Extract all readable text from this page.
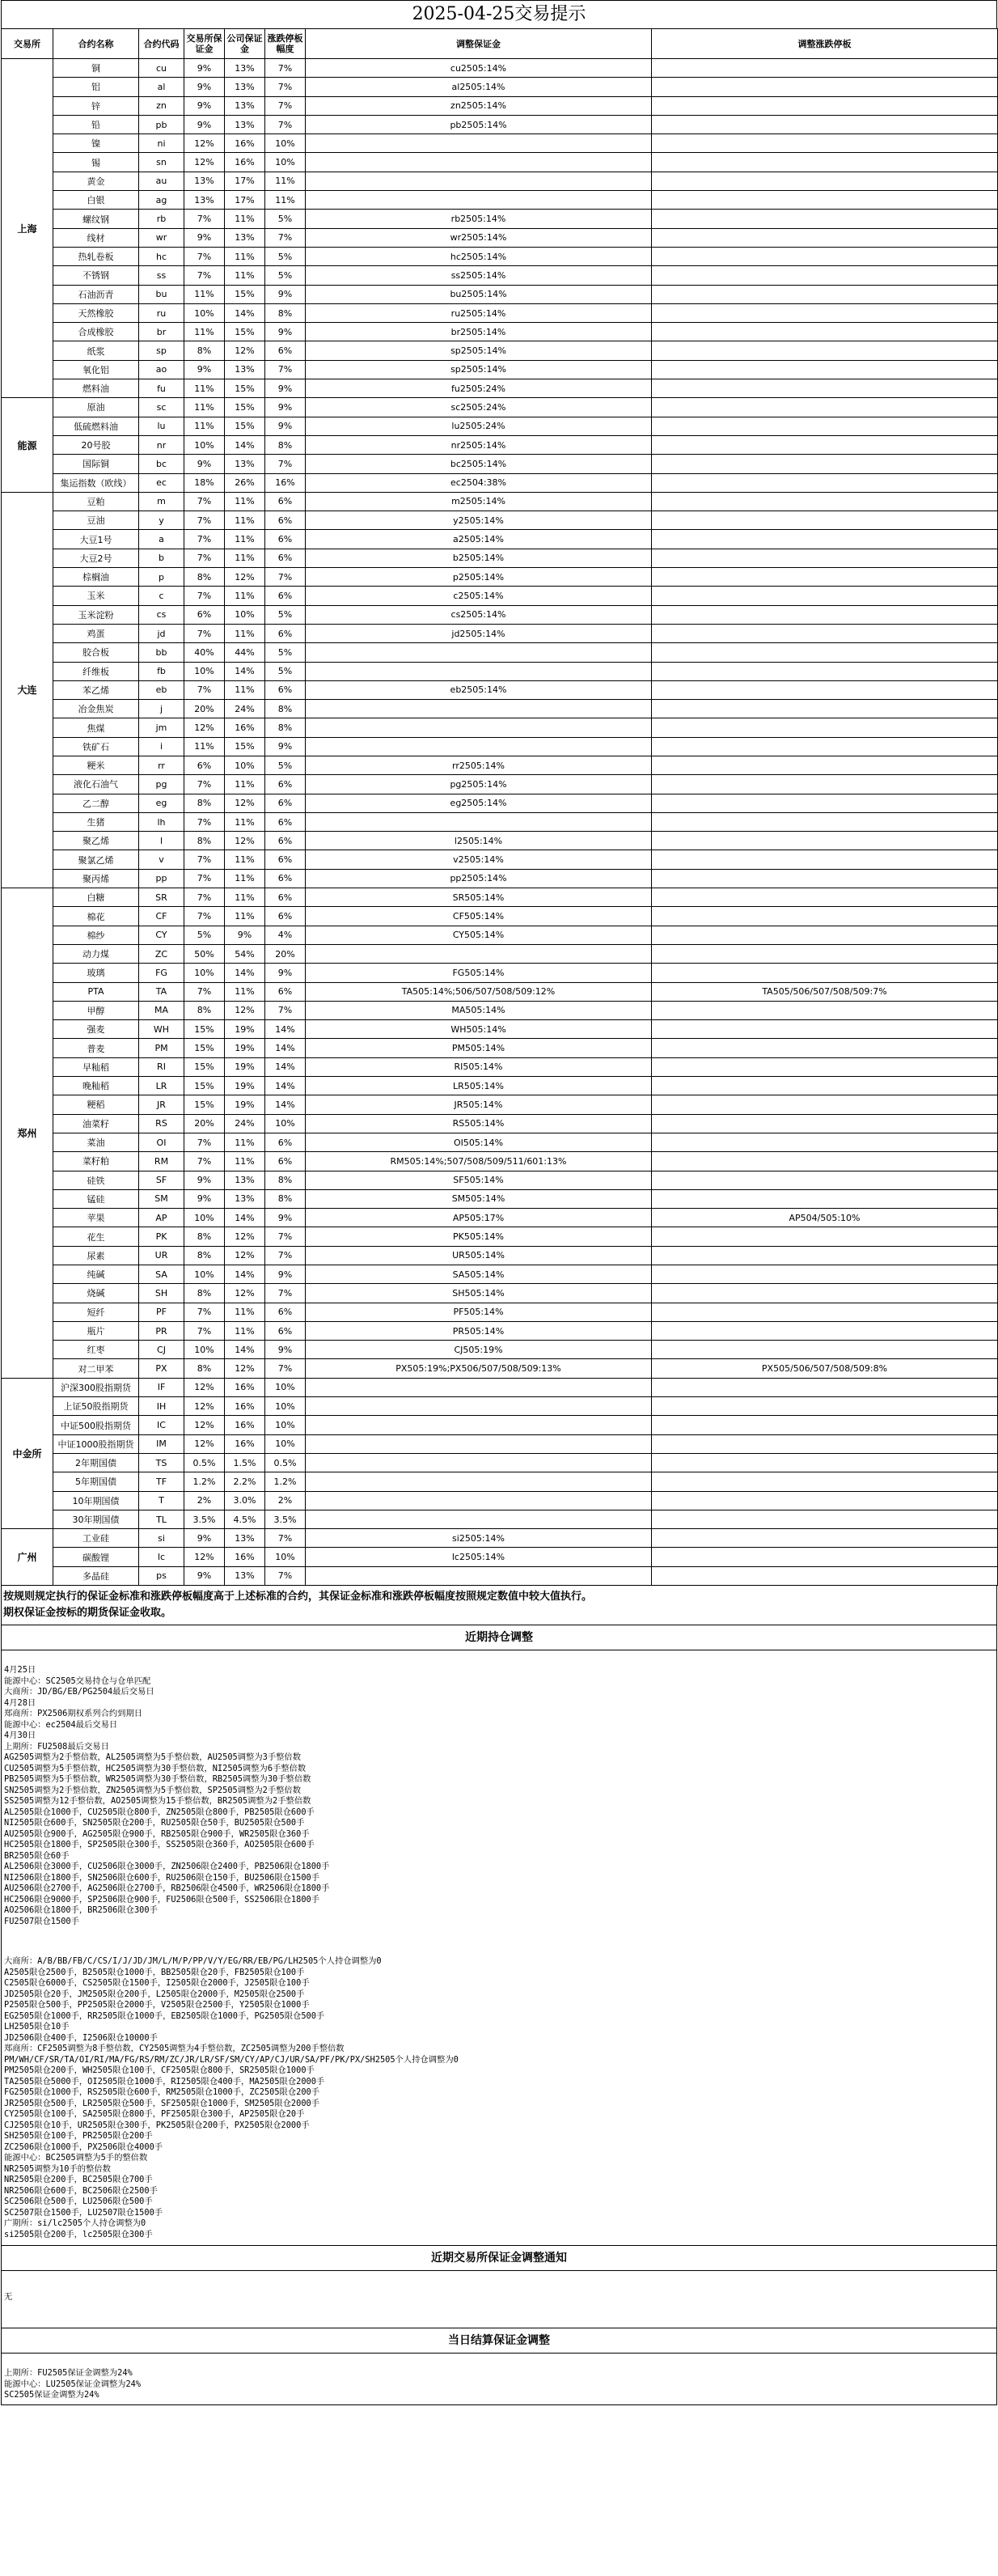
2025-04-25交易提示
交易所	合约名称	合约代码	交易所保证金	公司保证金	涨跌停板幅度	调整保证金	调整涨跌停板
上海	铜	cu	9%	13%	7%	cu2505:14%	
	铝	al	9%	13%	7%	al2505:14%	
	锌	zn	9%	13%	7%	zn2505:14%	
	铅	pb	9%	13%	7%	pb2505:14%	
	镍	ni	12%	16%	10%		
	锡	sn	12%	16%	10%		
	黄金	au	13%	17%	11%		
	白银	ag	13%	17%	11%		
	螺纹钢	rb	7%	11%	5%	rb2505:14%	
	线材	wr	9%	13%	7%	wr2505:14%	
	热轧卷板	hc	7%	11%	5%	hc2505:14%	
	不锈钢	ss	7%	11%	5%	ss2505:14%	
	石油沥青	bu	11%	15%	9%	bu2505:14%	
	天然橡胶	ru	10%	14%	8%	ru2505:14%	
	合成橡胶	br	11%	15%	9%	br2505:14%	
	纸浆	sp	8%	12%	6%	sp2505:14%	
	氧化铝	ao	9%	13%	7%	sp2505:14%	
	燃料油	fu	11%	15%	9%	fu2505:24%	
能源	原油	sc	11%	15%	9%	sc2505:24%	
	低硫燃料油	lu	11%	15%	9%	lu2505:24%	
	20号胶	nr	10%	14%	8%	nr2505:14%	
	国际铜	bc	9%	13%	7%	bc2505:14%	
	集运指数（欧线）	ec	18%	26%	16%	ec2504:38%	
大连	豆粕	m	7%	11%	6%	m2505:14%	
	豆油	y	7%	11%	6%	y2505:14%	
	大豆1号	a	7%	11%	6%	a2505:14%	
	大豆2号	b	7%	11%	6%	b2505:14%	
	棕榈油	p	8%	12%	7%	p2505:14%	
	玉米	c	7%	11%	6%	c2505:14%	
	玉米淀粉	cs	6%	10%	5%	cs2505:14%	
	鸡蛋	jd	7%	11%	6%	jd2505:14%	
	胶合板	bb	40%	44%	5%		
	纤维板	fb	10%	14%	5%		
	苯乙烯	eb	7%	11%	6%	eb2505:14%	
	冶金焦炭	j	20%	24%	8%		
	焦煤	jm	12%	16%	8%		
	铁矿石	i	11%	15%	9%		
	粳米	rr	6%	10%	5%	rr2505:14%	
	液化石油气	pg	7%	11%	6%	pg2505:14%	
	乙二醇	eg	8%	12%	6%	eg2505:14%	
	生猪	lh	7%	11%	6%		
	聚乙烯	l	8%	12%	6%	l2505:14%	
	聚氯乙烯	v	7%	11%	6%	v2505:14%	
	聚丙烯	pp	7%	11%	6%	pp2505:14%	
郑州	白糖	SR	7%	11%	6%	SR505:14%	
	棉花	CF	7%	11%	6%	CF505:14%	
	棉纱	CY	5%	9%	4%	CY505:14%	
	动力煤	ZC	50%	54%	20%		
	玻璃	FG	10%	14%	9%	FG505:14%	
	PTA	TA	7%	11%	6%	TA505:14%;506/507/508/509:12%	TA505/506/507/508/509:7%
	甲醇	MA	8%	12%	7%	MA505:14%	
	强麦	WH	15%	19%	14%	WH505:14%	
	普麦	PM	15%	19%	14%	PM505:14%	
	早籼稻	RI	15%	19%	14%	RI505:14%	
	晚籼稻	LR	15%	19%	14%	LR505:14%	
	粳稻	JR	15%	19%	14%	JR505:14%	
	油菜籽	RS	20%	24%	10%	RS505:14%	
	菜油	OI	7%	11%	6%	OI505:14%	
	菜籽粕	RM	7%	11%	6%	RM505:14%;507/508/509/511/601:13%	
	硅铁	SF	9%	13%	8%	SF505:14%	
	锰硅	SM	9%	13%	8%	SM505:14%	
	苹果	AP	10%	14%	9%	AP505:17%	AP504/505:10%
	花生	PK	8%	12%	7%	PK505:14%	
	尿素	UR	8%	12%	7%	UR505:14%	
	纯碱	SA	10%	14%	9%	SA505:14%	
	烧碱	SH	8%	12%	7%	SH505:14%	
	短纤	PF	7%	11%	6%	PF505:14%	
	瓶片	PR	7%	11%	6%	PR505:14%	
	红枣	CJ	10%	14%	9%	CJ505:19%	
	对二甲苯	PX	8%	12%	7%	PX505:19%;PX506/507/508/509:13%	PX505/506/507/508/509:8%
中金所	沪深300股指期货	IF	12%	16%	10%		
	上证50股指期货	IH	12%	16%	10%		
	中证500股指期货	IC	12%	16%	10%		
	中证1000股指期货	IM	12%	16%	10%		
	2年期国债	TS	0.5%	1.5%	0.5%		
	5年期国债	TF	1.2%	2.2%	1.2%		
	10年期国债	T	2%	3.0%	2%		
	30年期国债	TL	3.5%	4.5%	3.5%		
广州	工业硅	si	9%	13%	7%	si2505:14%	
	碳酸锂	lc	12%	16%	10%	lc2505:14%	
	多晶硅	ps	9%	13%	7%		
按规则规定执行的保证金标准和涨跌停板幅度高于上述标准的合约，其保证金标准和涨跌停板幅度按照规定数值中较大值执行。
期权保证金按标的期货保证金收取。
近期持仓调整
4月25日
能源中心：SC2505交易持仓与仓单匹配
大商所：JD/BG/EB/PG2504最后交易日
4月28日
郑商所：PX2506期权系列合约到期日
能源中心：ec2504最后交易日
4月30日
上期所：FU2508最后交易日
AG2505调整为2手整倍数，AL2505调整为5手整倍数，AU2505调整为3手整倍数
CU2505调整为5手整倍数，HC2505调整为30手整倍数，NI2505调整为6手整倍数
PB2505调整为5手整倍数，WR2505调整为30手整倍数，RB2505调整为30手整倍数
SN2505调整为2手整倍数，ZN2505调整为5手整倍数，SP2505调整为2手整倍数
SS2505调整为12手整倍数，AO2505调整为15手整倍数，BR2505调整为2手整倍数
AL2505限仓1000手，CU2505限仓800手，ZN2505限仓800手，PB2505限仓600手
NI2505限仓600手，SN2505限仓200手，RU2505限仓50手，BU2505限仓500手
AU2505限仓900手，AG2505限仓900手，RB2505限仓900手，WR2505限仓360手
HC2505限仓1800手，SP2505限仓300手，SS2505限仓360手，AO2505限仓600手
BR2505限仓60手
AL2506限仓3000手，CU2506限仓3000手，ZN2506限仓2400手，PB2506限仓1800手
NI2506限仓1800手，SN2506限仓600手，RU2506限仓150手，BU2506限仓1500手
AU2506限仓2700手，AG2506限仓2700手，RB2506限仓4500手，WR2506限仓1800手
HC2506限仓9000手，SP2506限仓900手，FU2506限仓500手，SS2506限仓1800手
AO2506限仓1800手，BR2506限仓300手
FU2507限仓1500手
大商所：A/B/BB/FB/C/CS/I/J/JD/JM/L/M/P/PP/V/Y/EG/RR/EB/PG/LH2505个人持仓调整为0
A2505限仓2500手，B2505限仓1000手，BB2505限仓20手，FB2505限仓100手
C2505限仓6000手，CS2505限仓1500手，I2505限仓2000手，J2505限仓100手
JD2505限仓20手，JM2505限仓200手，L2505限仓2000手，M2505限仓2500手
P2505限仓500手，PP2505限仓2000手，V2505限仓2500手，Y2505限仓1000手
EG2505限仓1000手，RR2505限仓1000手，EB2505限仓1000手，PG2505限仓500手
LH2505限仓10手
JD2506限仓400手，I2506限仓10000手
郑商所：CF2505调整为8手整倍数，CY2505调整为4手整倍数，ZC2505调整为200手整倍数
PM/WH/CF/SR/TA/OI/RI/MA/FG/RS/RM/ZC/JR/LR/SF/SM/CY/AP/CJ/UR/SA/PF/PK/PX/SH2505个人持仓调整为0
PM2505限仓200手，WH2505限仓100手，CF2505限仓800手，SR2505限仓1000手
TA2505限仓5000手，OI2505限仓1000手，RI2505限仓400手，MA2505限仓2000手
FG2505限仓1000手，RS2505限仓600手，RM2505限仓1000手，ZC2505限仓200手
JR2505限仓500手，LR2505限仓500手，SF2505限仓1000手，SM2505限仓2000手
CY2505限仓100手，SA2505限仓800手，PF2505限仓300手，AP2505限仓20手
CJ2505限仓10手，UR2505限仓300手，PK2505限仓200手，PX2505限仓2000手
SH2505限仓100手，PR2505限仓200手
ZC2506限仓1000手，PX2506限仓4000手
能源中心：BC2505调整为5手的整倍数
NR2505调整为10手的整倍数
NR2505限仓200手，BC2505限仓700手
NR2506限仓600手，BC2506限仓2500手
SC2506限仓500手，LU2506限仓500手
SC2507限仓1500手，LU2507限仓1500手
广期所：si/lc2505个人持仓调整为0
si2505限仓200手，lc2505限仓300手
近期交易所保证金调整通知
无
当日结算保证金调整
上期所：FU2505保证金调整为24%
能源中心：LU2505保证金调整为24%
SC2505保证金调整为24%
